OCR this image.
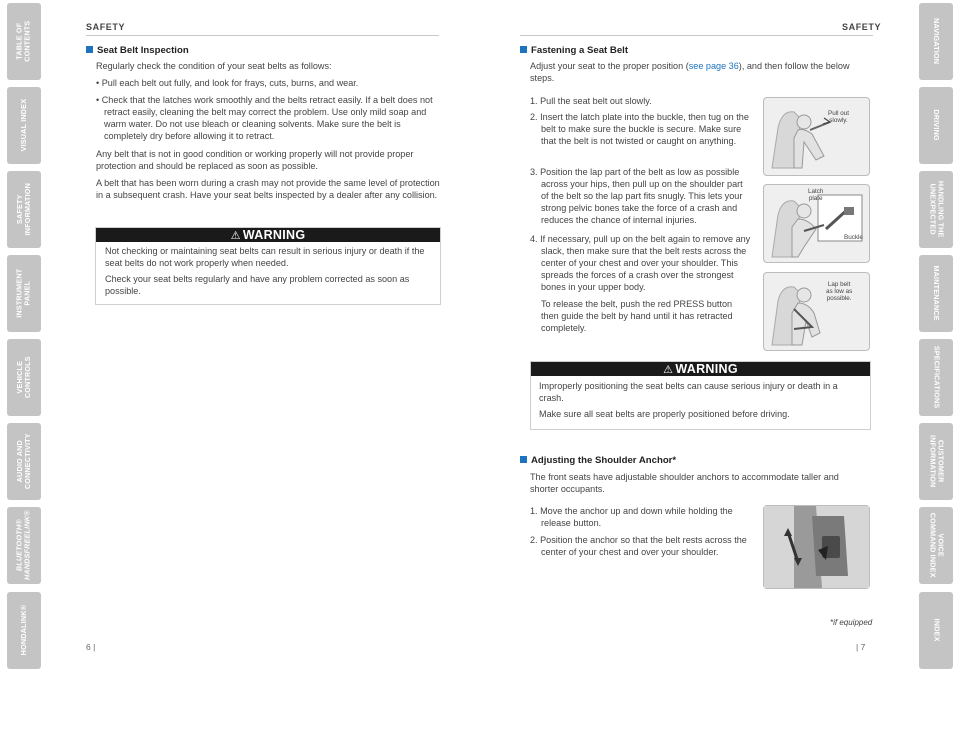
TABLE OF
CONTENTS
VISUAL INDEX
SAFETY
INFORMATION
INSTRUMENT
PANEL
VEHICLE
CONTROLS
AUDIO AND
CONNECTIVITY
BLUETOOTH®
HANDSFREELINK®
HONDALINK®
NAVIGATION
DRIVING
HANDLING THE
UNEXPECTED
MAINTENANCE
SPECIFICATIONS
CUSTOMER
INFORMATION
VOICE
COMMAND INDEX
INDEX
SAFETY
Seat Belt Inspection

Regularly check the condition of your seat belts as follows:

• Pull each belt out fully, and look for frays, cuts, burns, and wear.

• Check that the latches work smoothly and the belts retract easily. If a belt does not retract easily, cleaning the belt may correct the problem. Use only mild soap and warm water. Do not use bleach or cleaning solvents. Make sure the belt is completely dry before allowing it to retract.

Any belt that is not in good condition or working properly will not provide proper protection and should be replaced as soon as possible.

A belt that has been worn during a crash may not provide the same level of protection in a subsequent crash. Have your seat belts inspected by a dealer after any collision.

⚠ WARNING

Not checking or maintaining seat belts can result in serious injury or death if the seat belts do not work properly when needed.

Check your seat belts regularly and have any problem corrected as soon as possible.

6 |
SAFETY
Fastening a Seat Belt

Adjust your seat to the proper position (see page 36), and then follow the below steps.

1. Pull the seat belt out slowly.

2. Insert the latch plate into the buckle, then tug on the belt to make sure the buckle is secure. Make sure that the belt is not twisted or caught on anything.

3. Position the lap part of the belt as low as possible across your hips, then pull up on the shoulder part of the belt so the lap part fits snugly. This lets your strong pelvic bones take the force of a crash and reduces the chance of internal injuries.

4. If necessary, pull up on the belt again to remove any slack, then make sure that the belt rests across the center of your chest and over your shoulder. This spreads the forces of a crash over the strongest bones in your upper body.

To release the belt, push the red PRESS button then guide the belt by hand until it has retracted completely.

Pull out
slowly.
Latch
plate
Buckle
Lap belt
as low as
possible.
⚠ WARNING

Improperly positioning the seat belts can cause serious injury or death in a crash.

Make sure all seat belts are properly positioned before driving.

Adjusting the Shoulder Anchor*

The front seats have adjustable shoulder anchors to accommodate taller and shorter occupants.

1. Move the anchor up and down while holding the release button.

2. Position the anchor so that the belt rests across the center of your chest and over your shoulder.

*if equipped
| 7
